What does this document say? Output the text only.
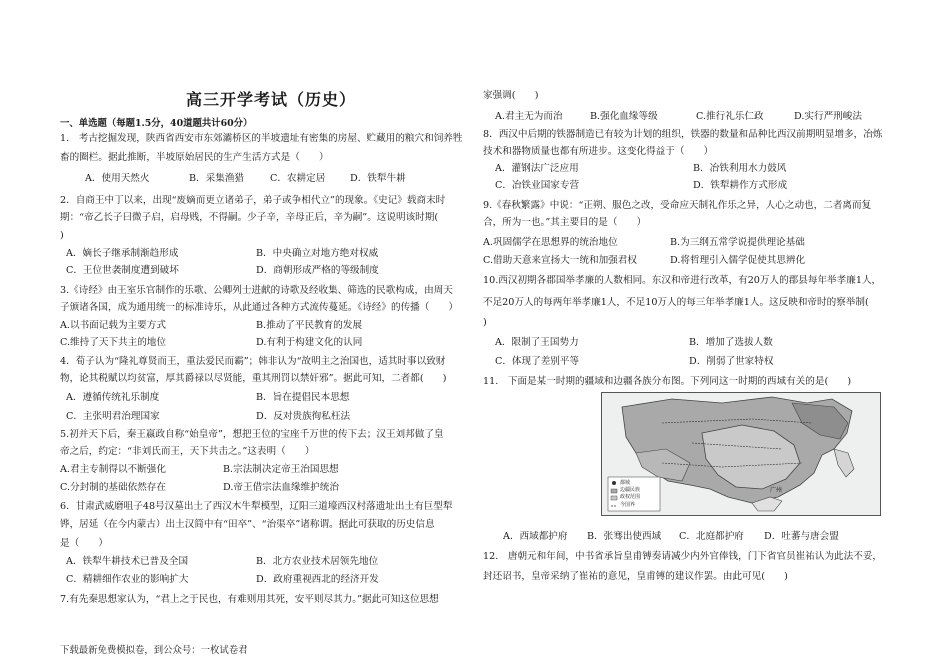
高三开学考试（历史）
一、单选题（每题1.5分，40道题共计60分）
1.　考古挖掘发现，陕西省西安市东郊灞桥区的半坡遗址有密集的房屋、贮藏用的粮穴和饲养牲
畜的圈栏。据此推断，半坡原始居民的生产生活方式是（　　）
A．使用天然火	B．采集渔猎	C．农耕定居	D．铁犁牛耕
2．自商王中丁以来，出现“废嫡而更立诸弟子，弟子或争相代立”的现象。《史记》载商末时
期：“帝乙长子曰微子启，启母贱，不得嗣。少子辛，辛母正后，辛为嗣”。这说明该时期(
)
A．嫡长子继承制渐趋形成	B．中央确立对地方绝对权威
C．王位世袭制度遭到破坏	D．商朝形成严格的等级制度
3.《诗经》由王室乐官制作的乐歌、公卿列士进献的诗歌及经收集、筛选的民歌构成，由周天
子颁诸各国，成为通用统一的标准诗乐，从此通过各种方式流传蔓延。《诗经》的传播（　　）
A.以书面记载为主要方式	B.推动了平民教育的发展
C.维持了天下共主的地位	D.有利于构建文化的认同
4．荀子认为“隆礼尊贤而王，重法爱民而霸”；韩非认为“故明主之治国也，适其时事以致财
物，论其税赋以均贫富，厚其爵禄以尽贤能，重其刑罚以禁奸邪”。据此可知，二者都(　　)
A．遵循传统礼乐制度	B．旨在提倡民本思想
C．主张明君治理国家	D．反对贵族徇私枉法
5.初并天下后，秦王嬴政自称“始皇帝”，想把王位的宝座千万世的传下去；汉王刘邦做了皇
帝之后，约定：“非刘氏而王，天下共击之。”这表明（　　）
A.君主专制得以不断强化	B.宗法制决定帝王治国思想
C.分封制的基础依然存在	D.帝王借宗法血缘维护统治
6．甘肃武威磨咀子48号汉墓出土了西汉木牛犁模型，辽阳三道壕西汉村落遗址出土有巨型犁
铧，居延（在今内蒙古）出土汉简中有“田卒”、“治渠卒”诸称谓。据此可获取的历史信息
是（　　）
A．铁犁牛耕技术已普及全国	B．北方农业技术居领先地位
C．精耕细作农业的影响扩大	D．政府重视西北的经济开发
7.有先秦思想家认为，“君上之于民也，有难则用其死，安平则尽其力。”据此可知这位思想
家强调(　　)
A.君主无为而治	B.强化血缘等级	C.推行礼乐仁政	D.实行严刑峻法
8．西汉中后期的铁器制造已有较为计划的组织，铁器的数量和品种比西汉前期明显增多，冶炼
技术和器物质量也都有所进步。这变化得益于（　　）
A．灌钢法广泛应用	B．冶铁利用水力鼓风
C．冶铁业国家专营	D．铁犁耕作方式形成
9.《春秋繁露》中说：“正朔、服色之改，受命应天制礼作乐之异，人心之动也，二者离而复
合，所为一也。”其主要目的是（　　）
A.巩固儒学在思想界的统治地位	B.为三纲五常学说提供理论基础
C.借助天意来宣扬大一统和加强君权	D.将哲理引入儒学促使其思辨化
10.西汉初期各郡国举孝廉的人数相同。东汉和帝进行改革，有20万人的郡县每年举孝廉1人，
不足20万人的每两年举孝廉1人，不足10万人的每三年举孝廉1人。这反映和帝时的察举制(
)
A．限制了王国势力	B．增加了选拔人数
C．体现了差别平等	D．削弱了世家特权
11.　下面是某一时期的疆域和边疆各族分布图。下列同这一时期的西域有关的是(　　)
都城
边疆民族
政权范围
今国界
广州
A．西域都护府 B．张骞出使西域 C．北庭都护府 D．吐蕃与唐会盟
12.　唐朝元和年间，中书省承旨皇甫镈奏请减少内外官俸钱，门下省官员崔祐认为此法不妥，
封还诏书，皇帝采纳了崔祐的意见，皇甫镈的建议作罢。由此可见(　　)
下载最新免费模拟卷，到公众号：一枚试卷君
